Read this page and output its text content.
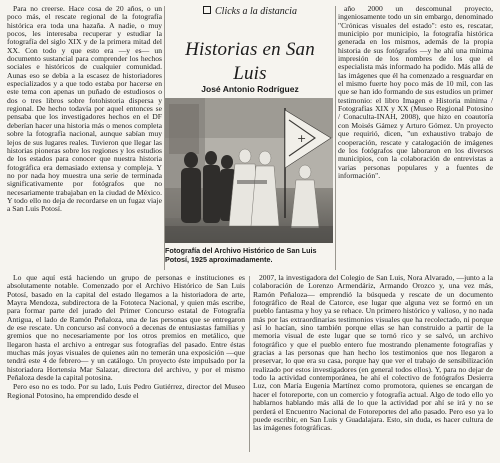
Para no creerse. Hace cosa de 20 años, o un poco más, el rescate regional de la fotografía histórica era toda una hazaña. A nadie, o muy pocos, les interesaba recuperar y estudiar la fotografía del siglo XIX y de la primera mitad del XX. Con todo y que esto era —y es— un documento sustancial para comprender los hechos sociales e históricos de cualquier comunidad. Aunas eso se debía a la escasez de historiadores especializados y a que todo estaba por hacerse en este tema con apenas un puñado de estudiosos o dos o tres libros sobre fotohistoria dispersa y regional. De hecho todavía por aquel entonces se pensaba que los investigadores hechos en el DF deberían hacer una historia más o menos completa sobre la fotografía nacional, aunque sabían muy lejos de sus lugares reales. Tuvieron que llegar las historias pioneras sobre los regiones y los estudios de los estados para conocer que nuestra historia fotográfica era demasiado extensa y compleja. Y no por nada hoy muestra una serie de terminada significativamente por fotógrafos que no necesariamente trabajaban en la ciudad de México. Y todo ello no deja de recordarse en un fugaz viaje a San Luis Potosí.

Clicks a la distancia
Historias en San Luis
José Antonio Rodríguez
+
Fotografía del Archivo Histórico de San Luis Potosí, 1925 aproximadamente.

año 2000 un descomunal proyecto, ingeniosamente todo un sin embargo, denominado "Crónicas visuales del estado": esto es, rescatar, municipio por municipio, la fotografía histórica generada en los mismos, además de la propia historia de sus fotógrafos —y he ahí una mínima impresión de los nombres de los que el especialista más informado ha podido. Más allá de las imágenes que él ha comenzado a resguardar en el mismo fuerte hoy poco más de 10 mil, con las que se han ido formando de sus estudios un primer testimonio: el libro Imagen e Historia mínima / Fotografías XIX y XX (Museo Regional Potosino / Conaculta-INAH, 2008), que hizo en coautoría con Moisés Gámez y Arturo Gómez. Un proyecto que requirió, dicen, "un exhaustivo trabajo de cooperación, rescate y catalogación de imágenes de los fotógrafos que laboraron en los diversos municipios, con la colaboración de entrevistas a varias personas populares y a fuentes de información".

Lo que aquí está haciendo un grupo de personas e instituciones es absolutamente notable. Comenzado por el Archivo Histórico de San Luis Potosí, basado en la capital del estado llegamos a la historiadora de arte, Mayra Mendoza, subdirectora de la Fototeca Nacional, y quien más escribe, para formar parte del jurado del Primer Concurso estatal de Fotografía Antigua, el lado de Ramón Peñaloza, una de las personas que se entregaron de ese rescate. Un concurso así convocó a decenas de entusiastas familias y gremios que no necesariamente por los otros premios en metálico, que llegaron hasta el archivo a entregar sus fotografías del pasado. Entre éstas muchas más joyas visuales de quienes aún no temerán una exposición —que tendrá este 4 de febrero— y un catálogo. Un proyecto éste impulsado por la historiadora Hortensia Mar Salazar, directora del archivo, y por el mismo Peñaloza desde la capital potosina.

Pero eso no es todo. Por su lado, Luis Pedro Gutiérrez, director del Museo Regional Potosino, ha emprendido desde el

2007, la investigadora del Colegio de San Luis, Nora Alvarado, —junto a la colaboración de Lorenzo Armendáriz, Armando Orozco y, una vez más, Ramón Peñaloza— emprendió la búsqueda y rescate de un documento fotográfico de Real de Catorce, ese lugar que alguna vez se formó en un pueblo fantasma y hoy ya se rehace. Un primero histórico y valioso, y no nada más por las extraordinarias testimonios visuales que ha recolectado, ni porque así lo hacían, sino también porque ellas se han construido a partir de la memoria visual de este lugar que se tornó rico y se salvó, un archivo fotográfico y que el pueblo entero fue mostrando plenamente fotografías y gracias a las personas que han hecho los testimonios que nos llegaron a preservar, lo que era su casa, porque hay que ver el trabajo de sensibilización realizado por estos investigadores (en general todos ellos). Y, para no dejar de todo la actividad contemporánea, he ahí el colectivo de fotógrafos Desierra Luz, con María Eugenia Martínez como promotora, quienes se encargan de hacer el fotoreporte, con un comercio y fotografía actual. Algo de todo ello yo hablarnos hablando más allá de lo que la actividad por ahí se irá y no se perderá el Encuentro Nacional de Fotoreportes del año pasado. Pero eso ya lo puede escribir, en San Luis y Guadalajara. Esto, sin duda, es hacer cultura de las imágenes fotográficas.
